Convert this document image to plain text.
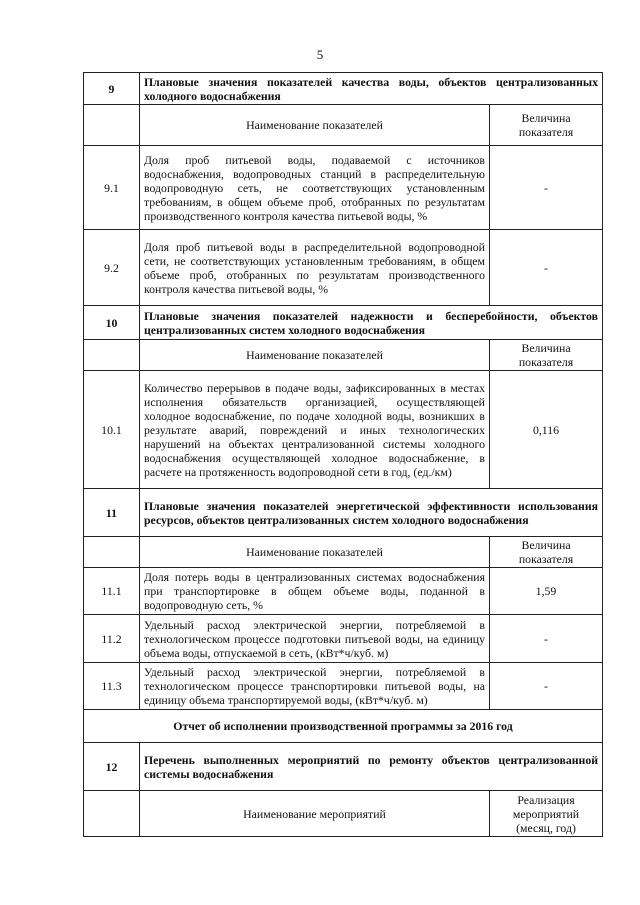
5
9	Плановые значения показателей качества воды, объектов централизованных холодного водоснабжения	
	Наименование показателей	Величина показателя
9.1	Доля проб питьевой воды, подаваемой с источников водоснабжения, водопроводных станций в распределительную водопроводную сеть, не соответствующих установленным требованиям, в общем объеме проб, отобранных по результатам производственного контроля качества питьевой воды, %	-
9.2	Доля проб питьевой воды в распределительной водопроводной сети, не соответствующих установленным требованиям, в общем объеме проб, отобранных по результатам производственного контроля качества питьевой воды, %	-
10	Плановые значения показателей надежности и бесперебойности, объектов централизованных систем холодного водоснабжения	
	Наименование показателей	Величина показателя
10.1	Количество перерывов в подаче воды, зафиксированных в местах исполнения обязательств организацией, осуществляющей холодное водоснабжение, по подаче холодной воды, возникших в результате аварий, повреждений и иных технологических нарушений на объектах централизованной системы холодного водоснабжения осуществляющей холодное водоснабжение, в расчете на протяженность водопроводной сети в год, (ед./км)	0,116
11	Плановые значения показателей энергетической эффективности использования ресурсов, объектов централизованных систем холодного водоснабжения	
	Наименование показателей	Величина показателя
11.1	Доля потерь воды в централизованных системах водоснабжения при транспортировке в общем объеме воды, поданной в водопроводную сеть, %	1,59
11.2	Удельный расход электрической энергии, потребляемой в технологическом процессе подготовки питьевой воды, на единицу объема воды, отпускаемой в сеть, (кВт*ч/куб. м)	-
11.3	Удельный расход электрической энергии, потребляемой в технологическом процессе транспортировки питьевой воды, на единицу объема транспортируемой воды, (кВт*ч/куб. м)	-
Отчет об исполнении производственной программы за 2016 год		
12	Перечень выполненных мероприятий по ремонту объектов централизованной системы водоснабжения	
	Наименование мероприятий	Реализация мероприятий (месяц, год)
